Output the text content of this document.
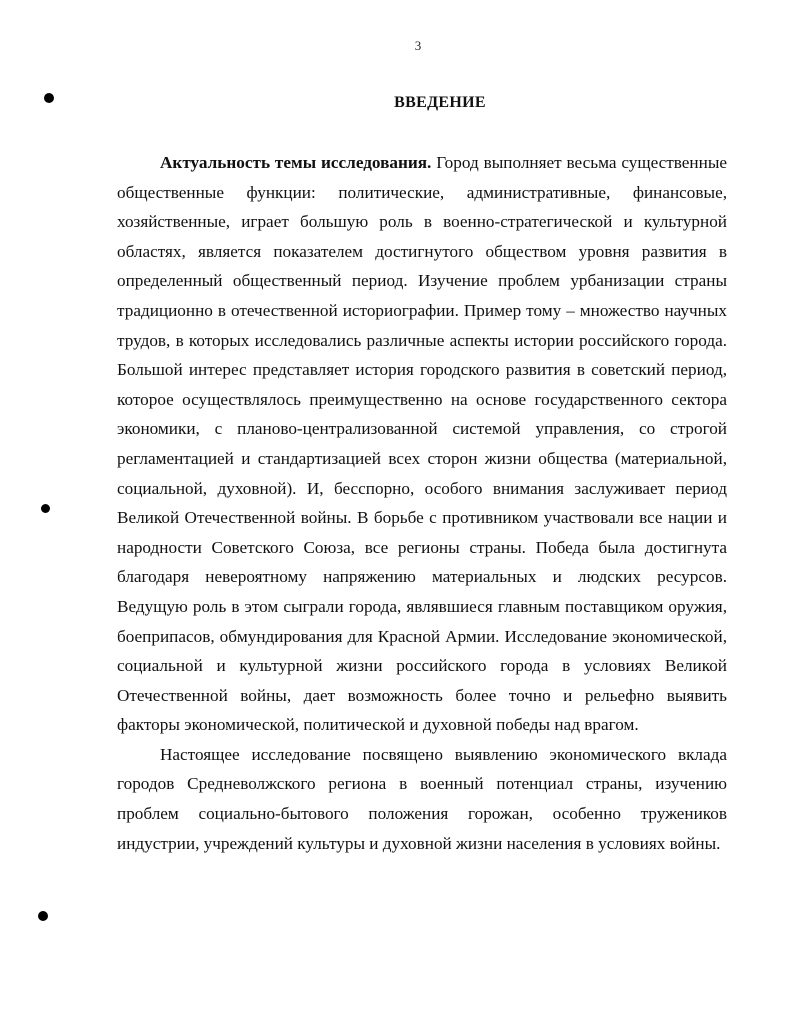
3
ВВЕДЕНИЕ

Актуальность темы исследования. Город выполняет весьма существенные общественные функции: политические, административные, финансовые, хозяйственные, играет большую роль в военно-стратегической и культурной областях, является показателем достигнутого обществом уровня развития в определенный общественный период. Изучение проблем урбанизации страны традиционно в отечественной историографии. Пример тому – множество научных трудов, в которых исследовались различные аспекты истории российского города. Большой интерес представляет история городского развития в советский период, которое осуществлялось преимущественно на основе государственного сектора экономики, с планово-централизованной системой управления, со строгой регламентацией и стандартизацией всех сторон жизни общества (материальной, социальной, духовной). И, бесспорно, особого внимания заслуживает период Великой Отечественной войны. В борьбе с противником участвовали все нации и народности Советского Союза, все регионы страны. Победа была достигнута благодаря невероятному напряжению материальных и людских ресурсов. Ведущую роль в этом сыграли города, являвшиеся главным поставщиком оружия, боеприпасов, обмундирования для Красной Армии. Исследование экономической, социальной и культурной жизни российского города в условиях Великой Отечественной войны, дает возможность более точно и рельефно выявить факторы экономической, политической и духовной победы над врагом.

Настоящее исследование посвящено выявлению экономического вклада городов Средневолжского региона в военный потенциал страны, изучению проблем социально-бытового положения горожан, особенно тружеников индустрии, учреждений культуры и духовной жизни населения в условиях войны.
